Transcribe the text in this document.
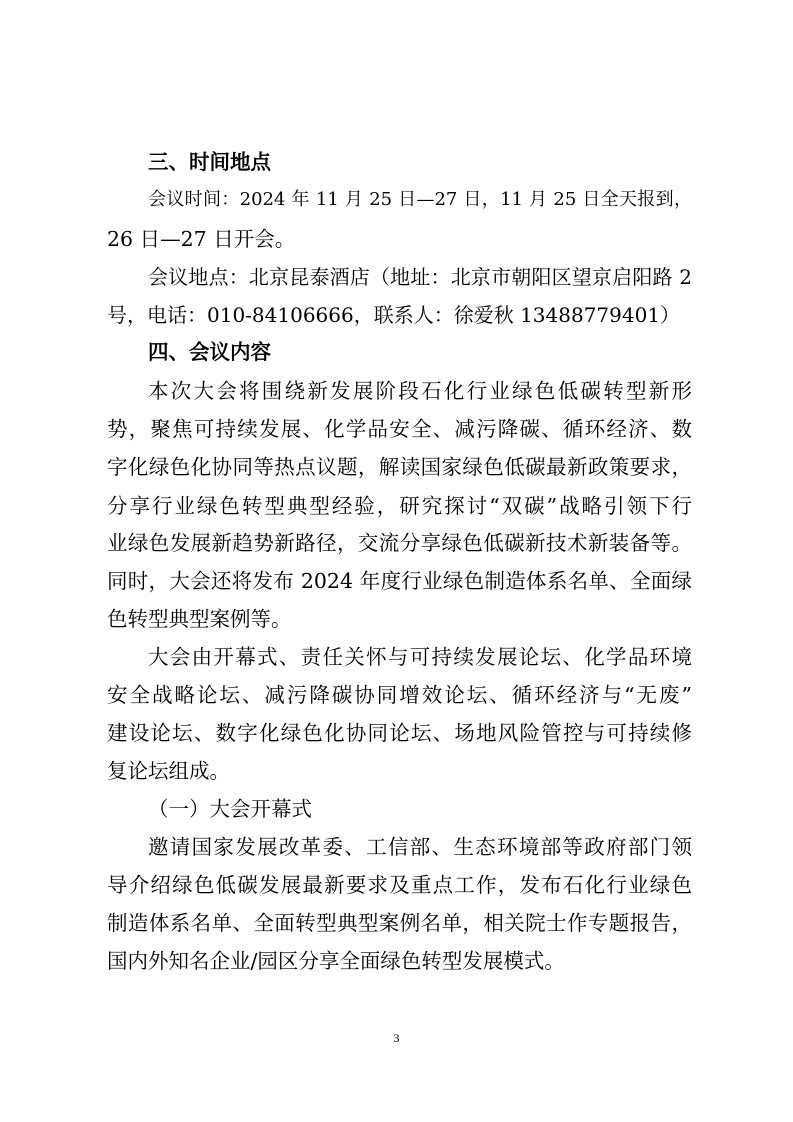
三、时间地点
会议时间：2024 年 11 月 25 日—27 日，11 月 25 日全天报到，
26 日—27 日开会。
会议地点：北京昆泰酒店（地址：北京市朝阳区望京启阳路 2
号，电话：010-84106666，联系人：徐爱秋 13488779401）
四、会议内容
本次大会将围绕新发展阶段石化行业绿色低碳转型新形
势，聚焦可持续发展、化学品安全、减污降碳、循环经济、数
字化绿色化协同等热点议题，解读国家绿色低碳最新政策要求，
分享行业绿色转型典型经验，研究探讨“双碳”战略引领下行
业绿色发展新趋势新路径，交流分享绿色低碳新技术新装备等。
同时，大会还将发布 2024 年度行业绿色制造体系名单、全面绿
色转型典型案例等。
大会由开幕式、责任关怀与可持续发展论坛、化学品环境
安全战略论坛、减污降碳协同增效论坛、循环经济与“无废”
建设论坛、数字化绿色化协同论坛、场地风险管控与可持续修
复论坛组成。
（一）大会开幕式
邀请国家发展改革委、工信部、生态环境部等政府部门领
导介绍绿色低碳发展最新要求及重点工作，发布石化行业绿色
制造体系名单、全面转型典型案例名单，相关院士作专题报告，
国内外知名企业/园区分享全面绿色转型发展模式。
3
